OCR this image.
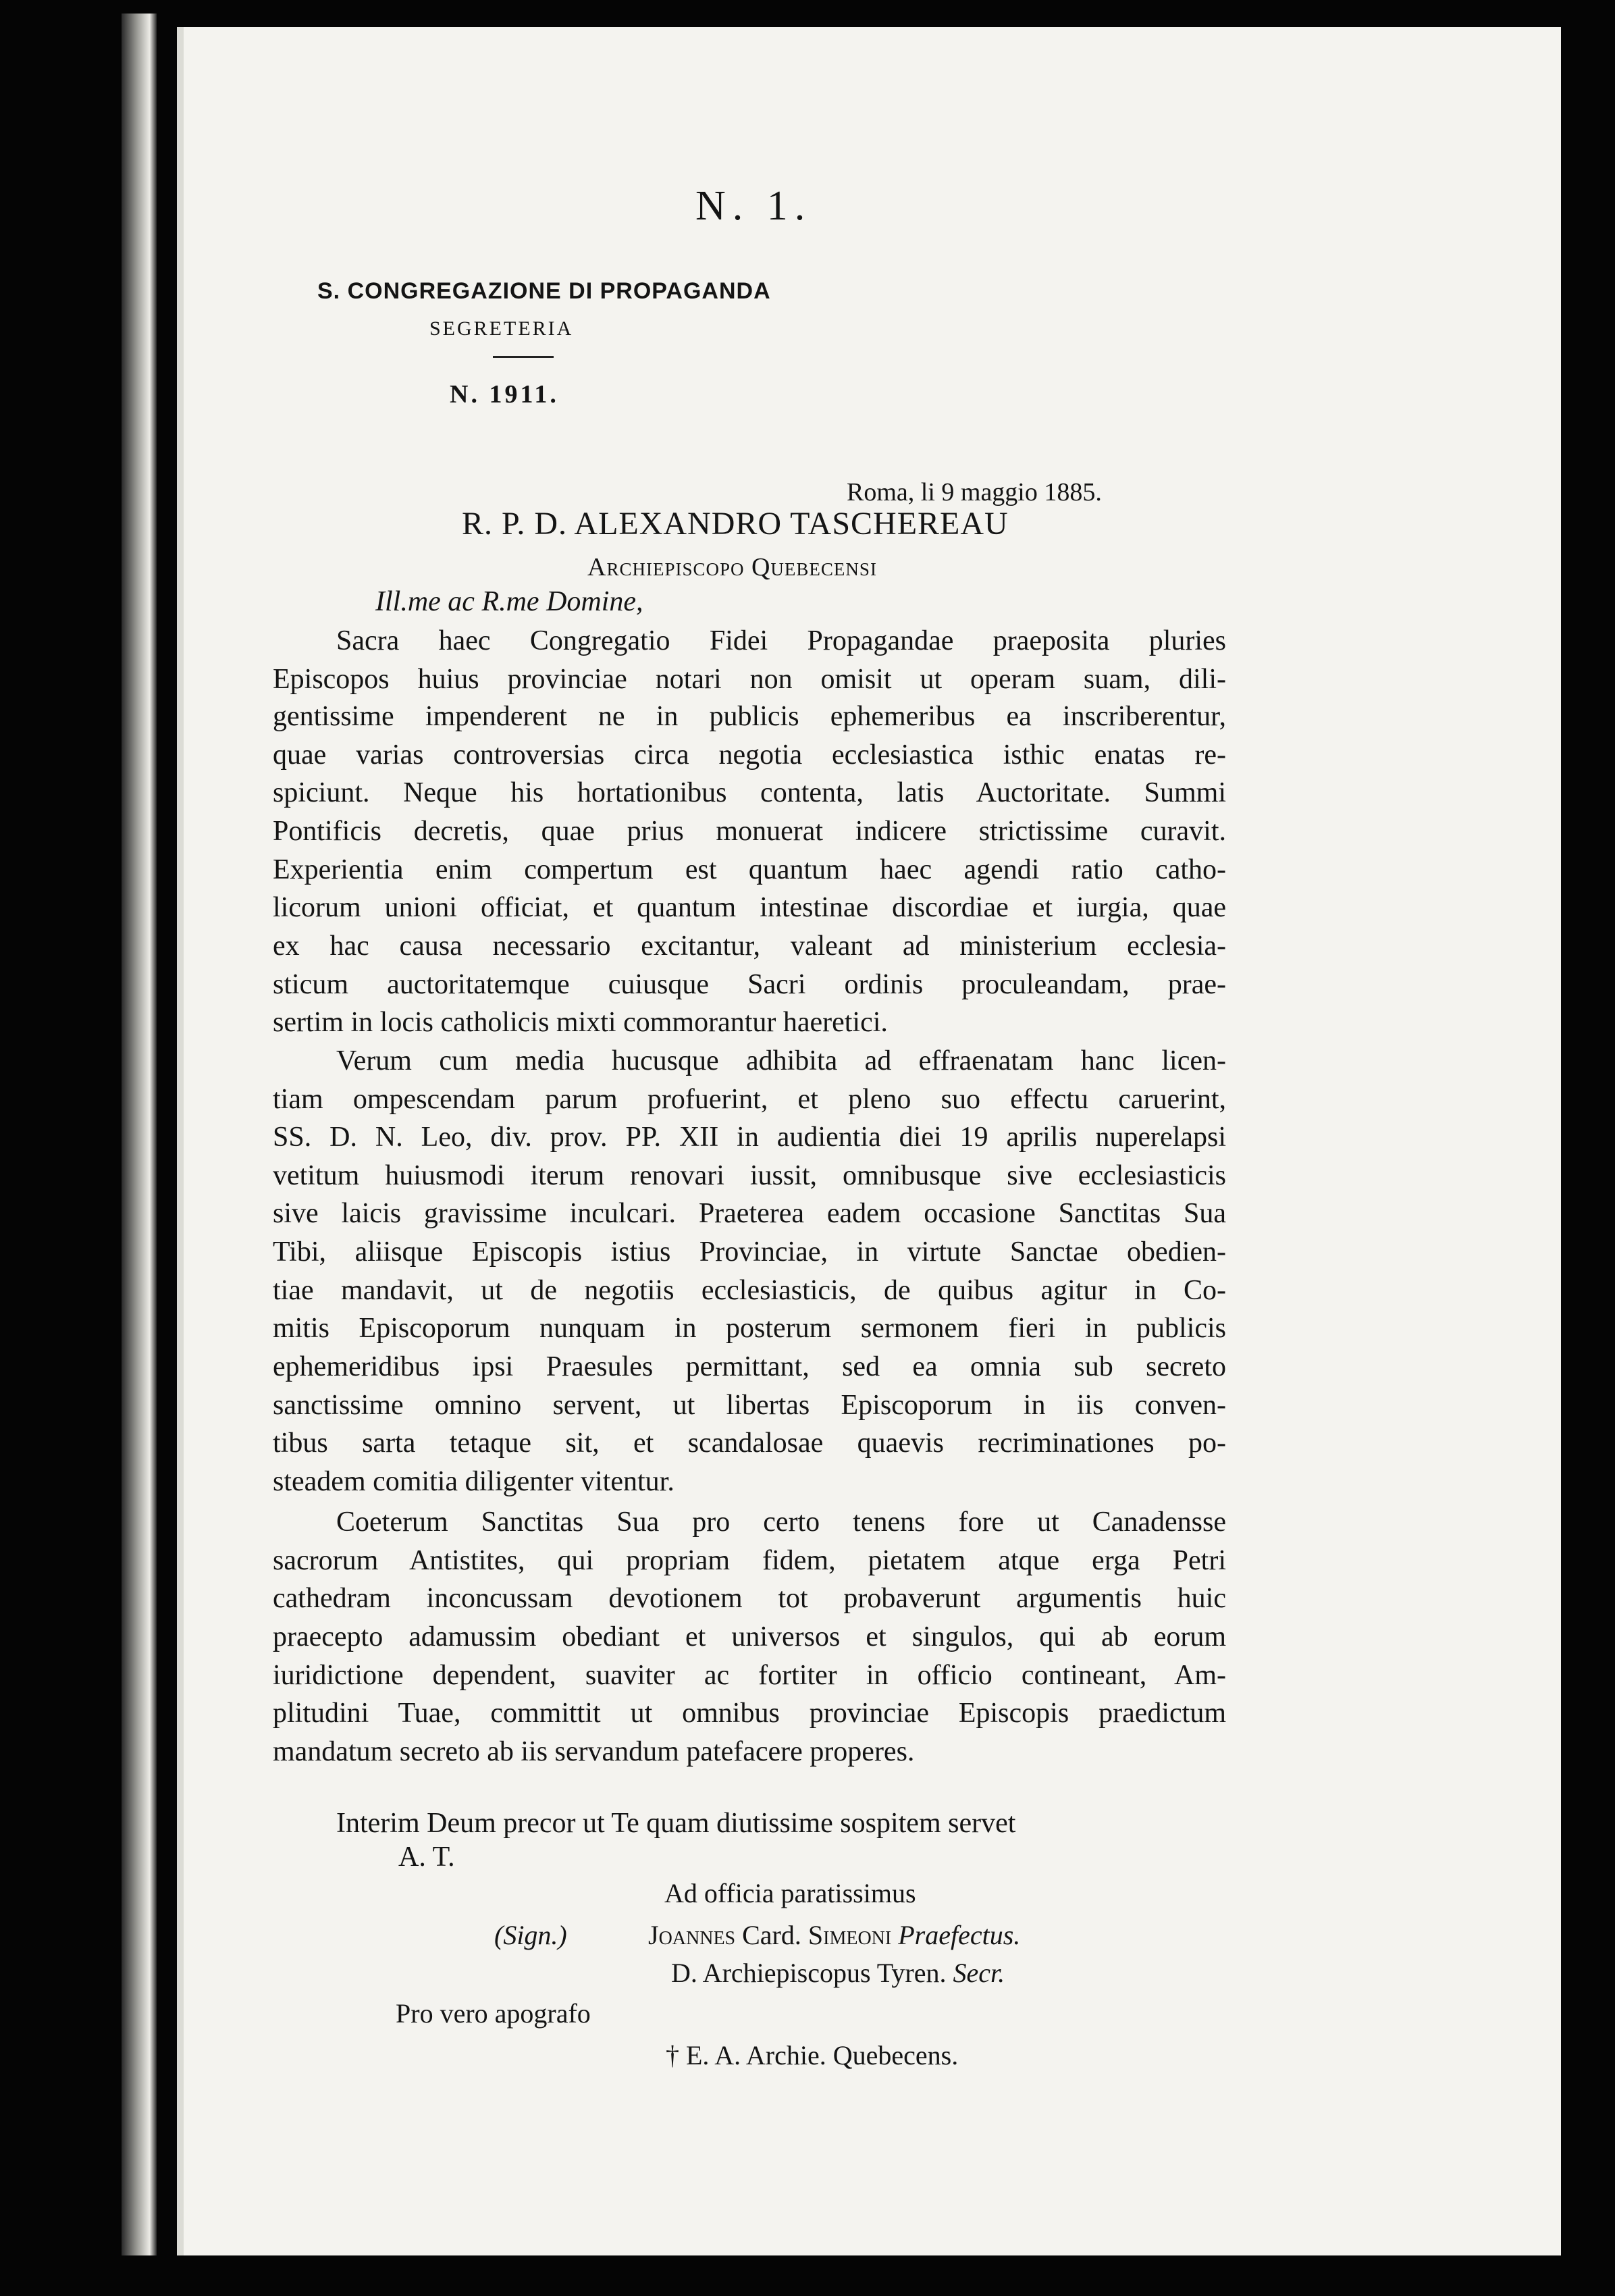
N. 1.
S. CONGREGAZIONE DI PROPAGANDA
SEGRETERIA
N. 1911.
Roma, li 9 maggio 1885.
R. P. D. ALEXANDRO TASCHEREAU
Archiepiscopo Quebecensi
Ill.me ac R.me Domine,
Sacra haec Congregatio Fidei Propagandae praeposita pluries
Episcopos huius provinciae notari non omisit ut operam suam, dili-
gentissime impenderent ne in publicis ephemeribus ea inscriberentur,
quae varias controversias circa negotia ecclesiastica isthic enatas re-
spiciunt. Neque his hortationibus contenta, latis Auctoritate. Summi
Pontificis decretis, quae prius monuerat indicere strictissime curavit.
Experientia enim compertum est quantum haec agendi ratio catho-
licorum unioni officiat, et quantum intestinae discordiae et iurgia, quae
ex hac causa necessario excitantur, valeant ad ministerium ecclesia-
sticum auctoritatemque cuiusque Sacri ordinis proculeandam, prae-
sertim in locis catholicis mixti commorantur haeretici.
Verum cum media hucusque adhibita ad effraenatam hanc licen-
tiam ompescendam parum profuerint, et pleno suo effectu caruerint,
SS. D. N. Leo, div. prov. PP. XII in audientia diei 19 aprilis nuperelapsi
vetitum huiusmodi iterum renovari iussit, omnibusque sive ecclesiasticis
sive laicis gravissime inculcari. Praeterea eadem occasione Sanctitas Sua
Tibi, aliisque Episcopis istius Provinciae, in virtute Sanctae obedien-
tiae mandavit, ut de negotiis ecclesiasticis, de quibus agitur in Co-
mitis Episcoporum nunquam in posterum sermonem fieri in publicis
ephemeridibus ipsi Praesules permittant, sed ea omnia sub secreto
sanctissime omnino servent, ut libertas Episcoporum in iis conven-
tibus sarta tetaque sit, et scandalosae quaevis recriminationes po-
steadem comitia diligenter vitentur.
Coeterum Sanctitas Sua pro certo tenens fore ut Canadensse
sacrorum Antistites, qui propriam fidem, pietatem atque erga Petri
cathedram inconcussam devotionem tot probaverunt argumentis huic
praecepto adamussim obediant et universos et singulos, qui ab eorum
iuridictione dependent, suaviter ac fortiter in officio contineant, Am-
plitudini Tuae, committit ut omnibus provinciae Episcopis praedictum
mandatum secreto ab iis servandum patefacere properes.
Interim Deum precor ut Te quam diutissime sospitem servet
A. T.
Ad officia paratissimus
(Sign.)	Joannes Card. Simeoni Praefectus.
D. Archiepiscopus Tyren. Secr.
Pro vero apografo
† E. A. Archie. Quebecens.
